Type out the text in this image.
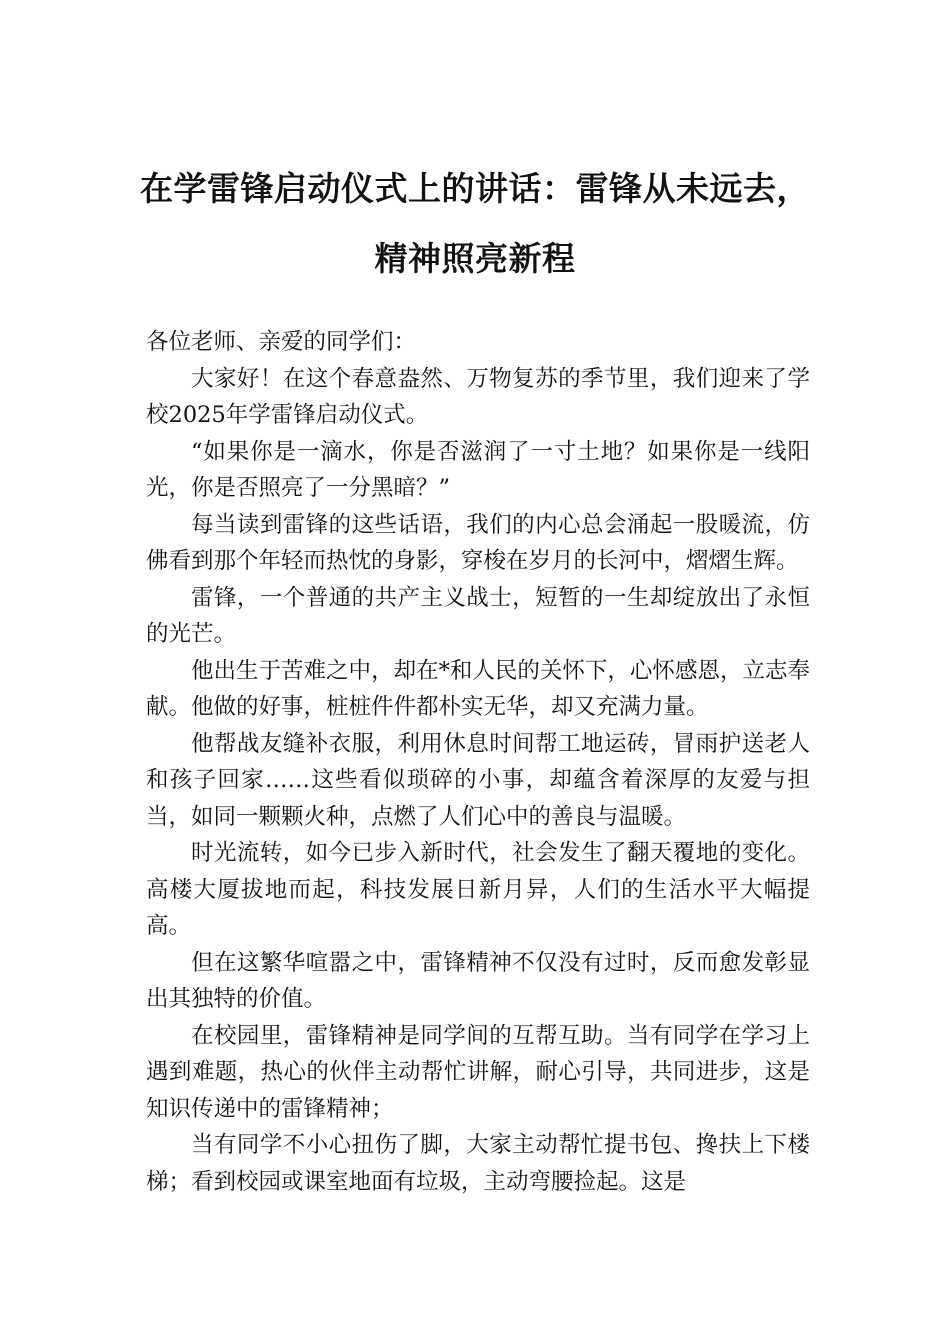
在学雷锋启动仪式上的讲话：雷锋从未远去，
精神照亮新程

各位老师、亲爱的同学们：

大家好！在这个春意盎然、万物复苏的季节里，我们迎来了学校2025年学雷锋启动仪式。

“如果你是一滴水，你是否滋润了一寸土地？如果你是一线阳光，你是否照亮了一分黑暗？”

每当读到雷锋的这些话语，我们的内心总会涌起一股暖流，仿佛看到那个年轻而热忱的身影，穿梭在岁月的长河中，熠熠生辉。

雷锋，一个普通的共产主义战士，短暂的一生却绽放出了永恒的光芒。

他出生于苦难之中，却在*和人民的关怀下，心怀感恩，立志奉献。他做的好事，桩桩件件都朴实无华，却又充满力量。

他帮战友缝补衣服，利用休息时间帮工地运砖，冒雨护送老人和孩子回家……这些看似琐碎的小事，却蕴含着深厚的友爱与担当，如同一颗颗火种，点燃了人们心中的善良与温暖。

时光流转，如今已步入新时代，社会发生了翻天覆地的变化。高楼大厦拔地而起，科技发展日新月异，人们的生活水平大幅提高。

但在这繁华喧嚣之中，雷锋精神不仅没有过时，反而愈发彰显出其独特的价值。

在校园里，雷锋精神是同学间的互帮互助。当有同学在学习上遇到难题，热心的伙伴主动帮忙讲解，耐心引导，共同进步，这是知识传递中的雷锋精神；

当有同学不小心扭伤了脚，大家主动帮忙提书包、搀扶上下楼梯；看到校园或课室地面有垃圾，主动弯腰捡起。这是
